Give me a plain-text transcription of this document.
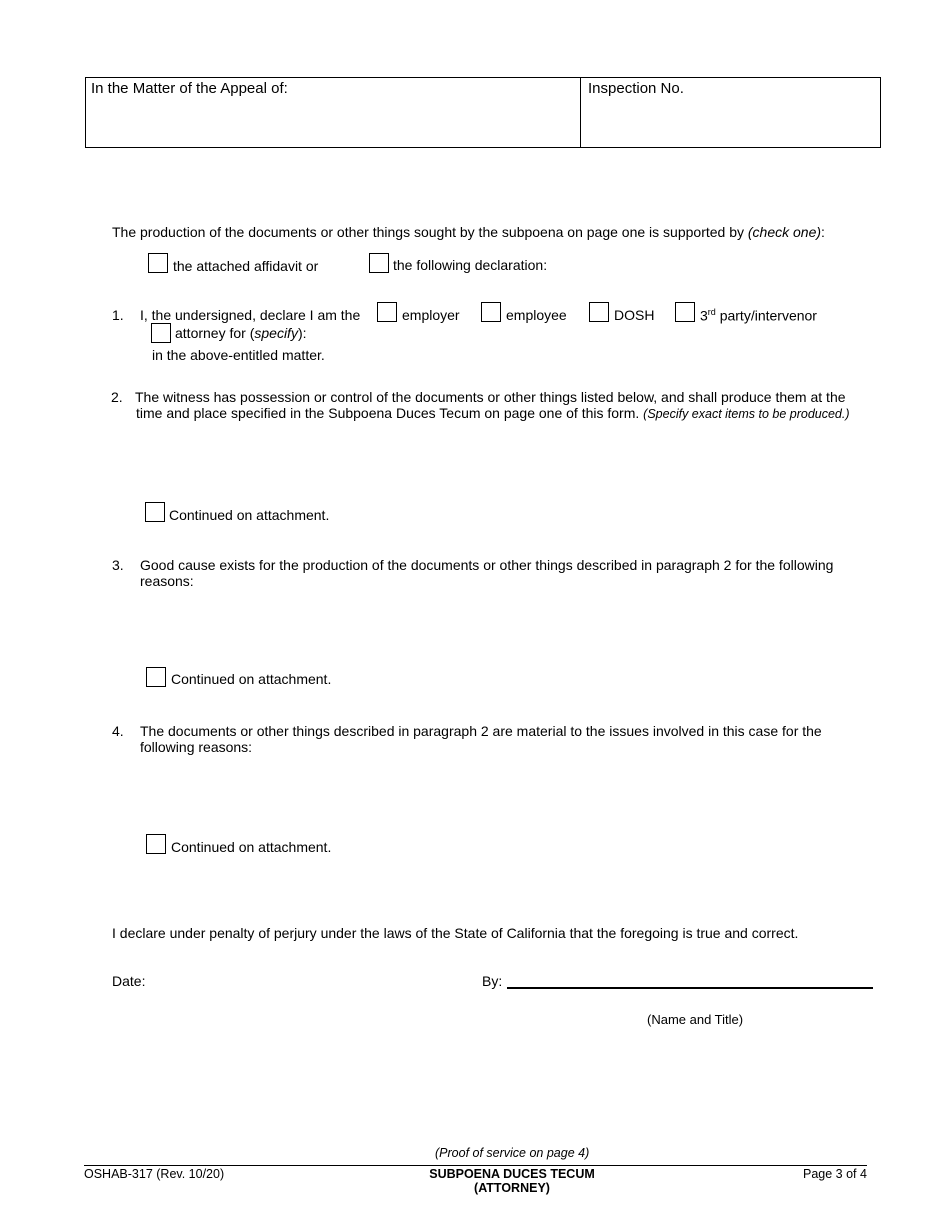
In the Matter of the Appeal of:	Inspection No.
The production of the documents or other things sought by the subpoena on page one is supported by (check one):
the attached affidavit or	the following declaration:
1. I, the undersigned, declare I am the	employer	employee	DOSH	3rd party/intervenor
attorney for (specify):
in the above-entitled matter.
2. The witness has possession or control of the documents or other things listed below, and shall produce them at the
time and place specified in the Subpoena Duces Tecum on page one of this form. (Specify exact items to be produced.)
Continued on attachment.
3. Good cause exists for the production of the documents or other things described in paragraph 2 for the following
reasons:
Continued on attachment.
4. The documents or other things described in paragraph 2 are material to the issues involved in this case for the
following reasons:
Continued on attachment.
I declare under penalty of perjury under the laws of the State of California that the foregoing is true and correct.
Date:	By:
(Name and Title)
(Proof of service on page 4)
OSHAB-317 (Rev. 10/20)	SUBPOENA DUCES TECUM
(ATTORNEY)
Page 3 of 4
